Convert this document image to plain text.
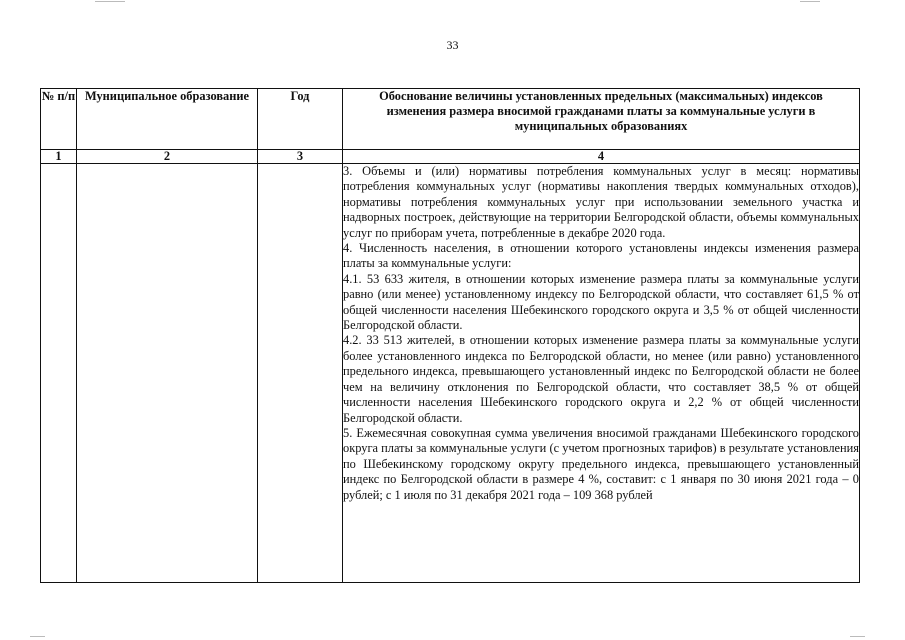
33
№ п/п	Муниципальное образование	Год	Обоснование величины установленных предельных (максимальных) индексов изменения размера вносимой гражданами платы за коммунальные услуги в муниципальных образованиях
1	2	3	4

			3. Объемы и (или) нормативы потребления коммунальных услуг в месяц: нормативы потребления коммунальных услуг (нормативы накопления твердых коммунальных отходов), нормативы потребления коммунальных услуг при использовании земельного участка и надворных построек, действующие на территории Белгородской области, объемы коммунальных услуг по приборам учета, потребленные в декабре 2020 года.

4. Численность населения, в отношении которого установлены индексы изменения размера платы за коммунальные услуги:

4.1. 53 633 жителя, в отношении которых изменение размера платы за коммунальные услуги равно (или менее) установленному индексу по Белгородской области, что составляет 61,5 % от общей численности населения Шебекинского городского округа и 3,5 % от общей численности Белгородской области.

4.2. 33 513 жителей, в отношении которых изменение размера платы за коммунальные услуги более установленного индекса по Белгородской области, но менее (или равно) установленного предельного индекса, превышающего установленный индекс по Белгородской области не более чем на величину отклонения по Белгородской области, что составляет 38,5 % от общей численности населения Шебекинского городского округа и 2,2 % от общей численности Белгородской области.

5. Ежемесячная совокупная сумма увеличения вносимой гражданами Шебекинского городского округа платы за коммунальные услуги (с учетом прогнозных тарифов) в результате установления по Шебекинскому городскому округу предельного индекса, превышающего установленный индекс по Белгородской области в размере 4 %, составит: с 1 января по 30 июня 2021 года – 0 рублей; с 1 июля по 31 декабря 2021 года – 109 368 рублей
